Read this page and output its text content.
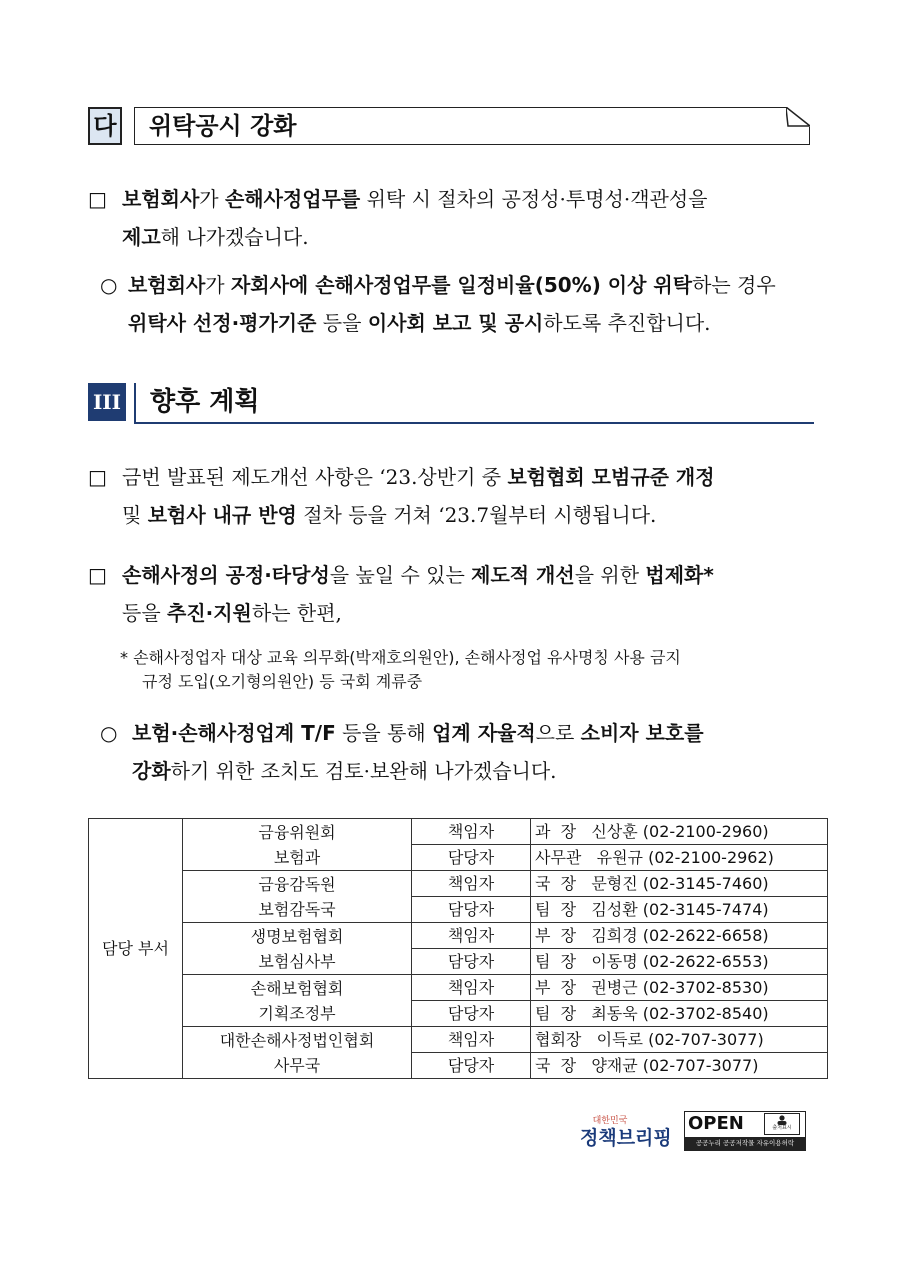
다	위탁공시 강화
□ 보험회사가 손해사정업무를 위탁 시 절차의 공정성·투명성·객관성을
제고해 나가겠습니다.
○ 보험회사가 자회사에 손해사정업무를 일정비율(50%) 이상 위탁하는 경우
위탁사 선정·평가기준 등을 이사회 보고 및 공시하도록 추진합니다.
III 향후 계획
□ 금번 발표된 제도개선 사항은 ‘23.상반기 중 보험협회 모범규준 개정
및 보험사 내규 반영 절차 등을 거쳐 ‘23.7월부터 시행됩니다.
□ 손해사정의 공정·타당성을 높일 수 있는 제도적 개선을 위한 법제화*
등을 추진·지원하는 한편,
* 손해사정업자 대상 교육 의무화(박재호의원안), 손해사정업 유사명칭 사용 금지
규정 도입(오기형의원안) 등 국회 계류중
○ 보험·손해사정업계 T/F 등을 통해 업계 자율적으로 소비자 보호를
강화하기 위한 조치도 검토·보완해 나가겠습니다.
담당 부서	금융위원회
보험과	책임자	과  장   신상훈 (02-2100-2960)
		담당자	사무관   유원규 (02-2100-2962)

	금융감독원
보험감독국	책임자	국  장   문형진 (02-3145-7460)
		담당자	팀  장   김성환 (02-3145-7474)

	생명보험협회
보험심사부	책임자	부  장   김희경 (02-2622-6658)
		담당자	팀  장   이동명 (02-2622-6553)

	손해보험협회
기획조정부	책임자	부  장   권병근 (02-3702-8530)
		담당자	팀  장   최동욱 (02-3702-8540)

	대한손해사정법인협회
사무국	책임자	협회장   이득로 (02-707-3077)
		담당자	국  장   양재균 (02-707-3077)
대한민국
정책브리핑
OPEN	출처표시
공공누리 공공저작물 자유이용허락
